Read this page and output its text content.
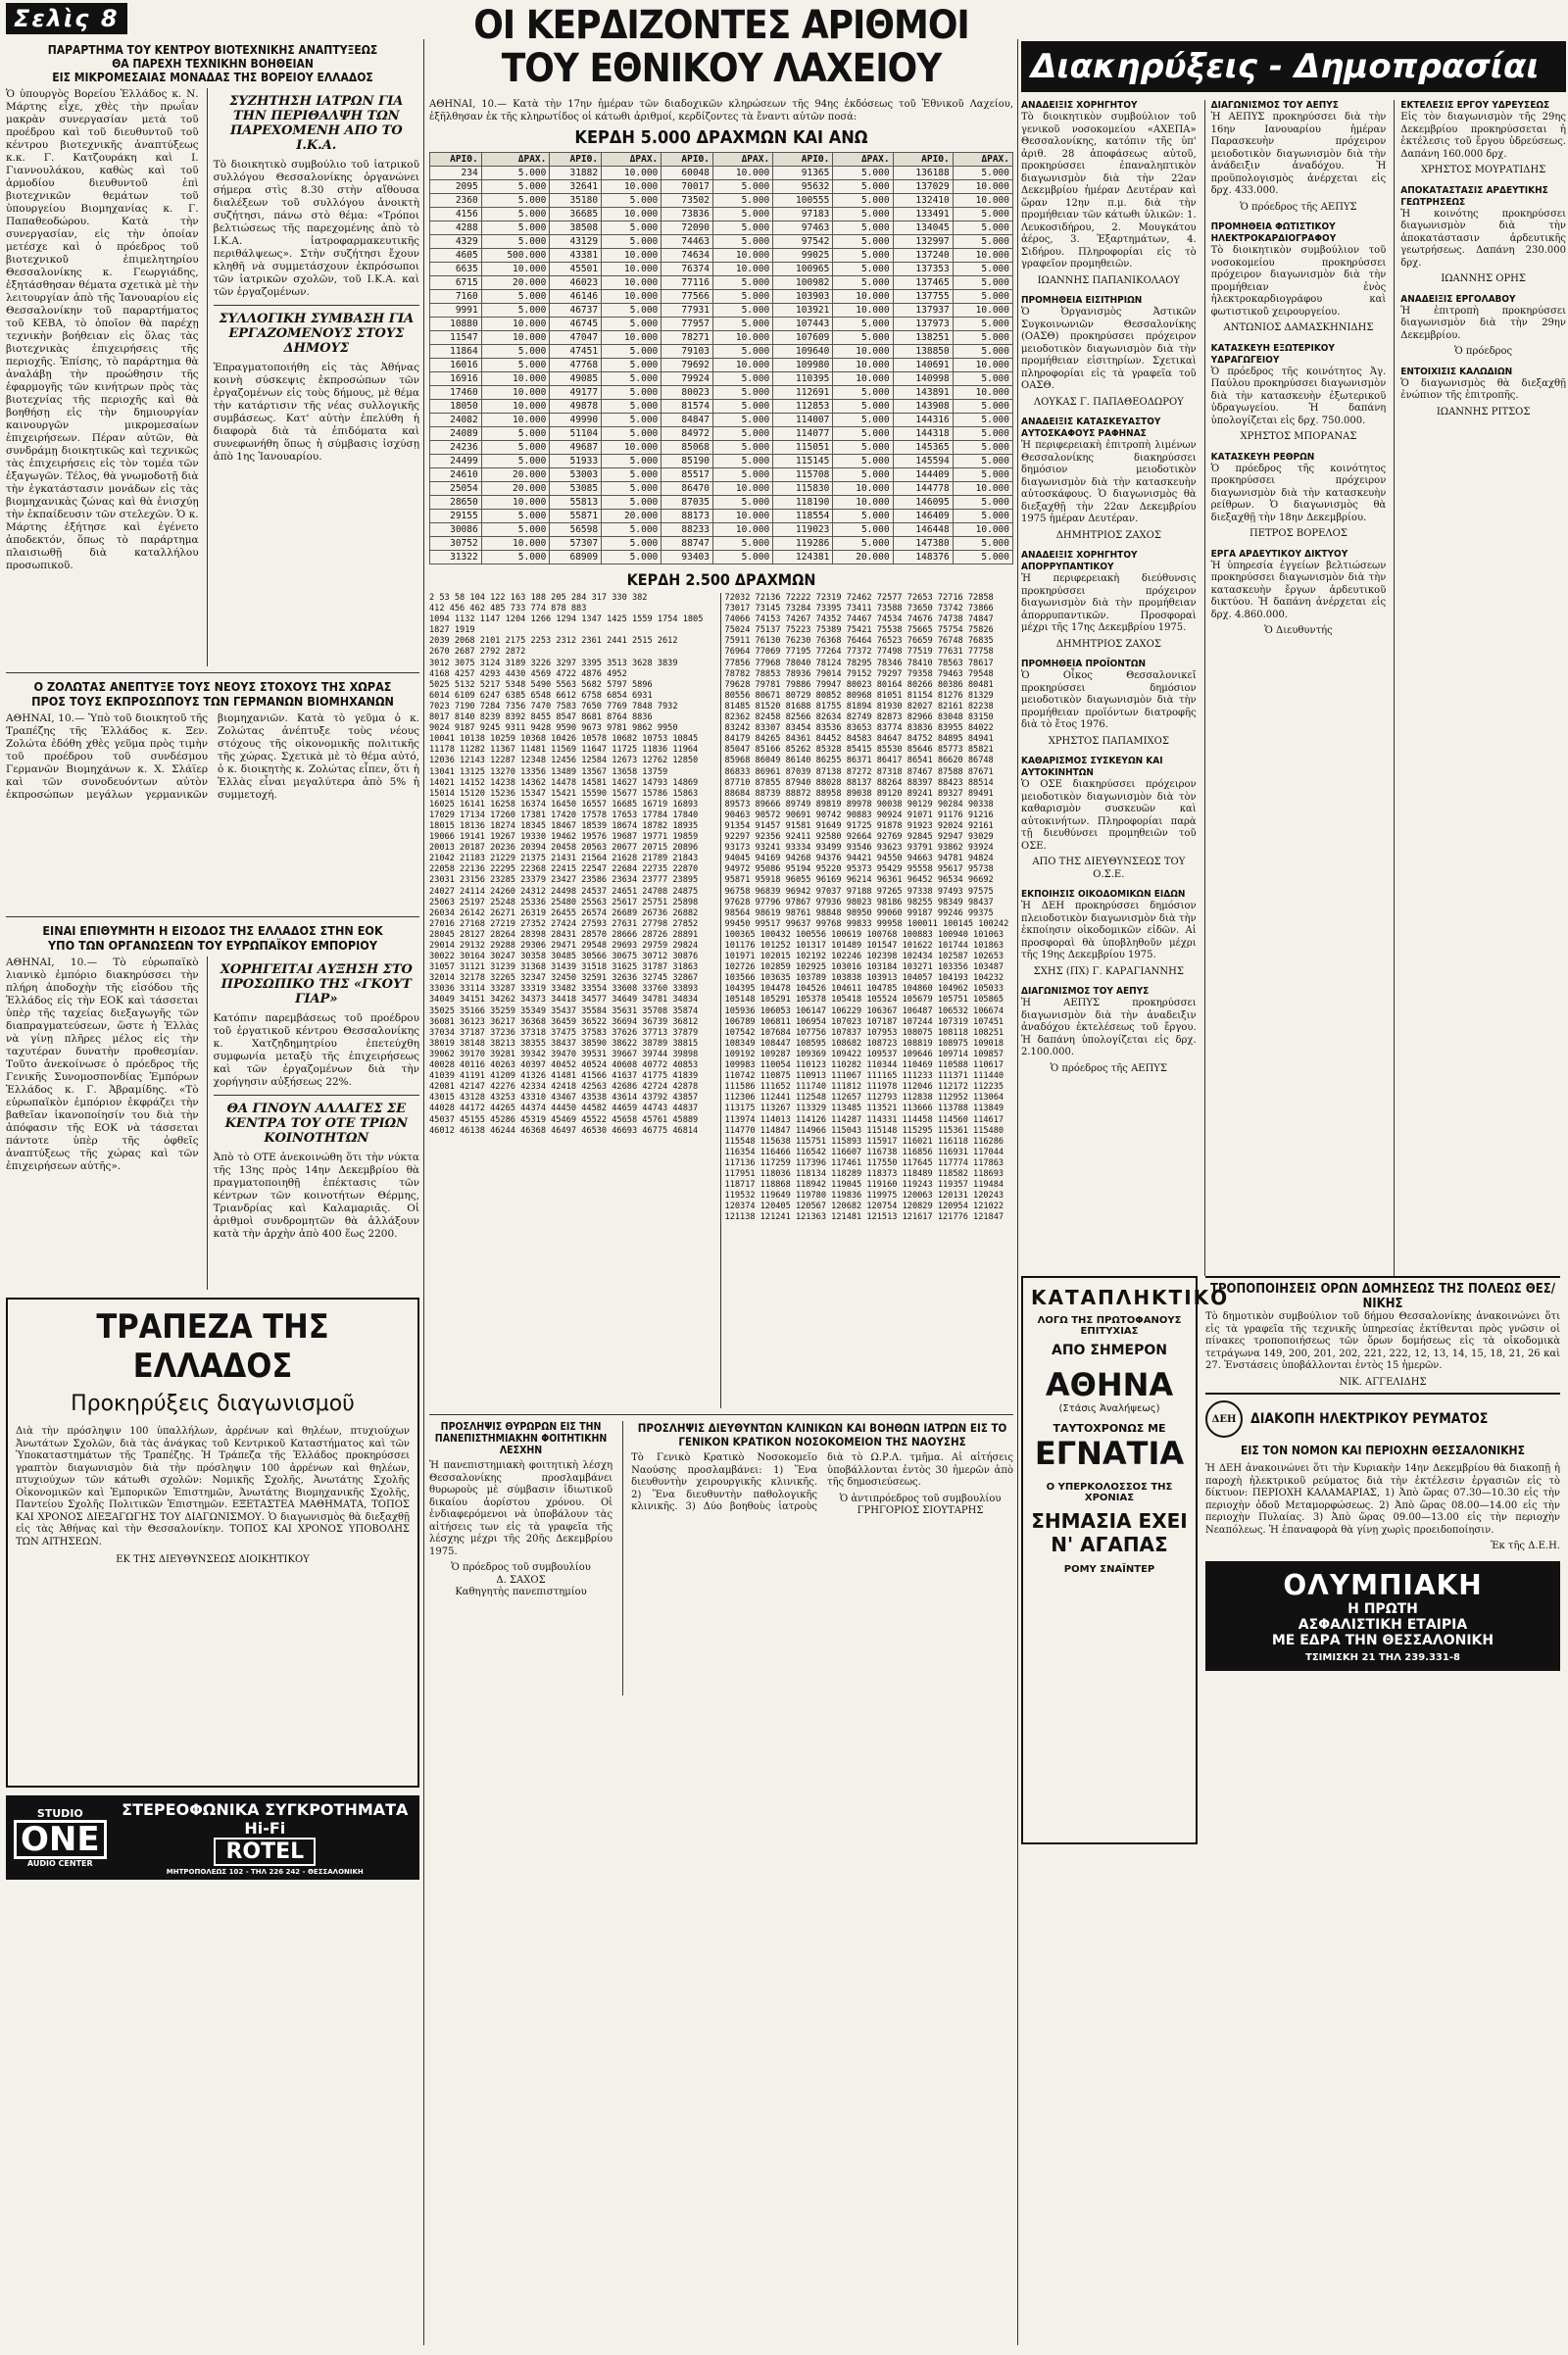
Σελὶς 8
ΠΑΡΑΡΤΗΜΑ ΤΟΥ ΚΕΝΤΡΟΥ ΒΙΟΤΕΧΝΙΚΗΣ ΑΝΑΠΤΥΞΕΩΣ
ΘΑ ΠΑΡΕΧΗ ΤΕΧΝΙΚΗΝ ΒΟΗΘΕΙΑΝ
ΕΙΣ ΜΙΚΡΟΜΕΣΑΙΑΣ ΜΟΝΑΔΑΣ ΤΗΣ ΒΟΡΕΙΟΥ ΕΛΛΑΔΟΣ

Ὁ ὑπουργὸς Βορείου Ἑλλάδος κ. Ν. Μάρτης εἶχε, χθὲς τὴν πρωΐαν μακρὰν συνεργασίαν μετὰ τοῦ προέδρου καὶ τοῦ διευθυντοῦ τοῦ κέντρου βιοτεχνικῆς ἀναπτύξεως κ.κ. Γ. Κατζουράκη καὶ Ι. Γιαννουλάκου, καθὼς καὶ τοῦ ἀρμοδίου διευθυντοῦ ἐπὶ βιοτεχνικῶν θεμάτων τοῦ ὑπουργείου Βιομηχανίας κ. Γ. Παπαθεοδώρου. Κατὰ τὴν συνεργασίαν, εἰς τὴν ὁποίαν μετέσχε καὶ ὁ πρόεδρος τοῦ βιοτεχνικοῦ ἐπιμελητηρίου Θεσσαλονίκης κ. Γεωργιάδης, ἐξητάσθησαν θέματα σχετικὰ μὲ τὴν λειτουργίαν ἀπὸ τῆς Ἰανουαρίου εἰς Θεσσαλονίκην τοῦ παραρτήματος τοῦ ΚΕΒΑ, τὸ ὁποῖον θὰ παρέχῃ τεχνικὴν βοήθειαν εἰς ὅλας τὰς βιοτεχνικὰς ἐπιχειρήσεις τῆς περιοχῆς. Ἐπίσης, τὸ παράρτημα θὰ ἀναλάβῃ τὴν προώθησιν τῆς ἐφαρμογῆς τῶν κινήτρων πρὸς τὰς βιοτεχνίας τῆς περιοχῆς καὶ θὰ βοηθήσῃ εἰς τὴν δημιουργίαν καινουργῶν μικρομεσαίων ἐπιχειρήσεων. Πέραν αὐτῶν, θὰ συνδράμῃ διοικητικῶς καὶ τεχνικῶς τὰς ἐπιχειρήσεις εἰς τὸν τομέα τῶν ἐξαγωγῶν. Τέλος, θὰ γνωμοδοτῇ διὰ τὴν ἐγκατάστασιν μονάδων εἰς τὰς βιομηχανικὰς ζώνας καὶ θὰ ἐνισχύῃ τὴν ἐκπαίδευσιν τῶν στελεχῶν. Ὁ κ. Μάρτης ἐξήτησε καὶ ἐγένετο ἀποδεκτόν, ὅπως τὸ παράρτημα πλαισιωθῇ διὰ καταλλήλου προσωπικοῦ.

ΣΥΖΗΤΗΣΗ ΙΑΤΡΩΝ ΓΙΑ ΤΗΝ ΠΕΡΙΘΑΛΨΗ ΤΩΝ ΠΑΡΕΧΟΜΕΝΗ ΑΠΟ ΤΟ Ι.Κ.Α.

Τὸ διοικητικὸ συμβούλιο τοῦ ἰατρικοῦ συλλόγου Θεσσαλονίκης ὀργανώνει σήμερα στὶς 8.30 στὴν αἴθουσα διαλέξεων τοῦ συλλόγου ἀνοικτὴ συζήτησι, πάνω στὸ θέμα: «Τρόποι βελτιώσεως τῆς παρεχομένης ἀπὸ τὸ Ι.Κ.Α. ἰατροφαρμακευτικῆς περιθάλψεως». Στὴν συζήτησι ἔχουν κληθῆ νὰ συμμετάσχουν ἐκπρόσωποι τῶν ἰατρικῶν σχολῶν, τοῦ Ι.Κ.Α. καὶ τῶν ἐργαζομένων.

ΣΥΛΛΟΓΙΚΗ ΣΥΜΒΑΣΗ ΓΙΑ ΕΡΓΑΖΟΜΕΝΟΥΣ ΣΤΟΥΣ ΔΗΜΟΥΣ

Ἐπραγματοποιήθη εἰς τὰς Ἀθήνας κοινὴ σύσκεψις ἐκπροσώπων τῶν ἐργαζομένων εἰς τοὺς δήμους, μὲ θέμα τὴν κατάρτισιν τῆς νέας συλλογικῆς συμβάσεως. Κατ' αὐτὴν ἐπελύθη ἡ διαφορὰ διὰ τὰ ἐπιδόματα καὶ συνεφωνήθη ὅπως ἡ σύμβασις ἰσχύσῃ ἀπὸ 1ης Ἰανουαρίου.

Ο ΖΟΛΩΤΑΣ ΑΝΕΠΤΥΞΕ ΤΟΥΣ ΝΕΟΥΣ ΣΤΟΧΟΥΣ ΤΗΣ ΧΩΡΑΣ
ΠΡΟΣ ΤΟΥΣ ΕΚΠΡΟΣΩΠΟΥΣ ΤΩΝ ΓΕΡΜΑΝΩΝ ΒΙΟΜΗΧΑΝΩΝ

ΑΘΗΝΑΙ, 10.— Ὑπὸ τοῦ διοικητοῦ τῆς Τραπέζης τῆς Ἑλλάδος κ. Ξεν. Ζολώτα ἐδόθη χθὲς γεῦμα πρὸς τιμὴν τοῦ προέδρου τοῦ συνδέσμου Γερμανῶν Βιομηχάνων κ. Χ. Σλάϊερ καὶ τῶν συνοδευόντων αὐτὸν ἐκπροσώπων μεγάλων γερμανικῶν βιομηχανιῶν. Κατὰ τὸ γεῦμα ὁ κ. Ζολώτας ἀνέπτυξε τοὺς νέους στόχους τῆς οἰκονομικῆς πολιτικῆς τῆς χώρας. Σχετικὰ μὲ τὸ θέμα αὐτό, ὁ κ. διοικητὴς κ. Ζολώτας εἶπεν, ὅτι ἡ Ἑλλὰς εἶναι μεγαλύτερα ἀπὸ 5% ἡ συμμετοχή.

ΕΙΝΑΙ ΕΠΙΘΥΜΗΤΗ Η ΕΙΣΟΔΟΣ ΤΗΣ ΕΛΛΑΔΟΣ ΣΤΗΝ ΕΟΚ
ΥΠΟ ΤΩΝ ΟΡΓΑΝΩΣΕΩΝ ΤΟΥ ΕΥΡΩΠΑΪΚΟΥ ΕΜΠΟΡΙΟΥ

ΑΘΗΝΑΙ, 10.— Τὸ εὐρωπαϊκὸ λιανικὸ ἐμπόριο διακηρύσσει τὴν πλήρη ἀποδοχὴν τῆς εἰσόδου τῆς Ἑλλάδος εἰς τὴν ΕΟΚ καὶ τάσσεται ὑπὲρ τῆς ταχείας διεξαγωγῆς τῶν διαπραγματεύσεων, ὥστε ἡ Ἑλλὰς νὰ γίνῃ πλῆρες μέλος εἰς τὴν ταχυτέραν δυνατὴν προθεσμίαν. Τοῦτο ἀνεκοίνωσε ὁ πρόεδρος τῆς Γενικῆς Συνομοσπονδίας Ἐμπόρων Ἑλλάδος κ. Γ. Ἀβραμίδης. «Τὸ εὐρωπαϊκὸν ἐμπόριον ἐκφράζει τὴν βαθεῖαν ἱκανοποίησίν του διὰ τὴν ἀπόφασιν τῆς ΕΟΚ νὰ τάσσεται πάντοτε ὑπὲρ τῆς ὀφθεῖς ἀναπτύξεως τῆς χώρας καὶ τῶν ἐπιχειρήσεων αὐτῆς».

ΧΟΡΗΓΕΙΤΑΙ ΑΥΞΗΣΗ ΣΤΟ ΠΡΟΣΩΠΙΚΟ ΤΗΣ «ΓΚΟΥΤ ΓΙΑΡ»

Κατόπιν παρεμβάσεως τοῦ προέδρου τοῦ ἐργατικοῦ κέντρου Θεσσαλονίκης κ. Χατζηδημητρίου ἐπετεύχθη συμφωνία μεταξὺ τῆς ἐπιχειρήσεως καὶ τῶν ἐργαζομένων διὰ τὴν χορήγησιν αὐξήσεως 22%.

ΘΑ ΓΙΝΟΥΝ ΑΛΛΑΓΕΣ ΣΕ ΚΕΝΤΡΑ ΤΟΥ ΟΤΕ ΤΡΙΩΝ ΚΟΙΝΟΤΗΤΩΝ

Ἀπὸ τὸ ΟΤΕ ἀνεκοινώθη ὅτι τὴν νύκτα τῆς 13ης πρὸς 14ην Δεκεμβρίου θὰ πραγματοποιηθῇ ἐπέκτασις τῶν κέντρων τῶν κοινοτήτων Θέρμης, Τριανδρίας καὶ Καλαμαριᾶς. Οἱ ἀριθμοὶ συνδρομητῶν θὰ ἀλλάξουν κατὰ τὴν ἀρχὴν ἀπὸ 400 ἕως 2200.

ΤΡΑΠΕΖΑ ΤΗΣ ΕΛΛΑΔΟΣ
Προκηρύξεις διαγωνισμοῦ

Διὰ τὴν πρόσληψιν 100 ὑπαλλήλων, ἀρρένων καὶ θηλέων, πτυχιούχων Ἀνωτάτων Σχολῶν, διὰ τὰς ἀνάγκας τοῦ Κεντρικοῦ Καταστήματος καὶ τῶν Ὑποκαταστημάτων τῆς Τραπέζης. Ἡ Τράπεζα τῆς Ἑλλάδος προκηρύσσει γραπτὸν διαγωνισμὸν διὰ τὴν πρόσληψιν 100 ἀρρένων καὶ θηλέων, πτυχιούχων τῶν κάτωθι σχολῶν: Νομικῆς Σχολῆς, Ἀνωτάτης Σχολῆς Οἰκονομικῶν καὶ Ἐμπορικῶν Ἐπιστημῶν, Ἀνωτάτης Βιομηχανικῆς Σχολῆς, Παντείου Σχολῆς Πολιτικῶν Ἐπιστημῶν. ΕΞΕΤΑΣΤΕΑ ΜΑΘΗΜΑΤΑ, ΤΟΠΟΣ ΚΑΙ ΧΡΟΝΟΣ ΔΙΕΞΑΓΩΓΗΣ ΤΟΥ ΔΙΑΓΩΝΙΣΜΟΥ. Ὁ διαγωνισμὸς θὰ διεξαχθῇ εἰς τὰς Ἀθήνας καὶ τὴν Θεσσαλονίκην. ΤΟΠΟΣ ΚΑΙ ΧΡΟΝΟΣ ΥΠΟΒΟΛΗΣ ΤΩΝ ΑΙΤΗΣΕΩΝ.

ΕΚ ΤΗΣ ΔΙΕΥΘΥΝΣΕΩΣ ΔΙΟΙΚΗΤΙΚΟΥ
STUDIO
ONE
AUDIO CENTER
ΣΤΕΡΕΟΦΩΝΙΚΑ ΣΥΓΚΡΟΤΗΜΑΤΑ
Hi-Fi
ROTEL
ΜΗΤΡΟΠΟΛΕΩΣ 102 - ΤΗΛ 226 242 - ΘΕΣΣΑΛΟΝΙΚΗ
ΟΙ ΚΕΡΔΙΖΟΝΤΕΣ ΑΡΙΘΜΟΙ
ΤΟΥ ΕΘΝΙΚΟΥ ΛΑΧΕΙΟΥ

ΑΘΗΝΑΙ, 10.— Κατὰ τὴν 17ην ἡμέραν τῶν διαδοχικῶν κληρώσεων τῆς 94ης ἐκδόσεως τοῦ Ἐθνικοῦ Λαχείου, ἐξῆλθησαν ἐκ τῆς κληρωτίδος οἱ κάτωθι ἀριθμοί, κερδίζοντες τὰ ἔναντι αὐτῶν ποσά:

ΚΕΡΔΗ 5.000 ΔΡΑΧΜΩΝ ΚΑΙ ΑΝΩ
ΑΡΙΘ.	ΔΡΑΧ.	ΑΡΙΘ.	ΔΡΑΧ.	ΑΡΙΘ.	ΔΡΑΧ.	ΑΡΙΘ.	ΔΡΑΧ.	ΑΡΙΘ.	ΔΡΑΧ.
234	5.000	31882	10.000	60048	10.000	91365	5.000	136188	5.000
2095	5.000	32641	10.000	70017	5.000	95632	5.000	137029	10.000
2360	5.000	35180	5.000	73502	5.000	100555	5.000	132410	10.000
4156	5.000	36685	10.000	73836	5.000	97183	5.000	133491	5.000
4288	5.000	38508	5.000	72090	5.000	97463	5.000	134045	5.000
4329	5.000	43129	5.000	74463	5.000	97542	5.000	132997	5.000
4605	500.000	43381	10.000	74634	10.000	99025	5.000	137240	10.000
6635	10.000	45501	10.000	76374	10.000	100965	5.000	137353	5.000
6715	20.000	46023	10.000	77116	5.000	100982	5.000	137465	5.000
7160	5.000	46146	10.000	77566	5.000	103903	10.000	137755	5.000
9991	5.000	46737	5.000	77931	5.000	103921	10.000	137937	10.000
10880	10.000	46745	5.000	77957	5.000	107443	5.000	137973	5.000
11547	10.000	47047	10.000	78271	10.000	107609	5.000	138251	5.000
11864	5.000	47451	5.000	79103	5.000	109640	10.000	138850	5.000
16016	5.000	47768	5.000	79692	10.000	109980	10.000	140691	10.000
16916	10.000	49085	5.000	79924	5.000	110395	10.000	140998	5.000
17460	10.000	49177	5.000	80023	5.000	112691	5.000	143891	10.000
18050	10.000	49878	5.000	81574	5.000	112853	5.000	143908	5.000
24082	10.000	49990	5.000	84847	5.000	114007	5.000	144316	5.000
24089	5.000	51104	5.000	84972	5.000	114077	5.000	144318	5.000
24236	5.000	49687	10.000	85068	5.000	115051	5.000	145365	5.000
24499	5.000	51933	5.000	85190	5.000	115145	5.000	145594	5.000
24610	20.000	53003	5.000	85517	5.000	115708	5.000	144409	5.000
25054	20.000	53085	5.000	86470	10.000	115830	10.000	144778	10.000
28650	10.000	55813	5.000	87035	5.000	118190	10.000	146095	5.000
29155	5.000	55871	20.000	88173	10.000	118554	5.000	146409	5.000
30086	5.000	56598	5.000	88233	10.000	119023	5.000	146448	10.000
30752	10.000	57307	5.000	88747	5.000	119286	5.000	147380	5.000
31322	5.000	68909	5.000	93403	5.000	124381	20.000	148376	5.000
ΚΕΡΔΗ 2.500 ΔΡΑΧΜΩΝ
2 53 58 104 122 163 188 205 284 317 330 382
412 456 462 485 733 774 878 883
1094 1132 1147 1204 1266 1294 1347 1425 1559 1754 1805 1827 1919
2039 2068 2101 2175 2253 2312 2361 2441 2515 2612
2670 2687 2792 2872
3012 3075 3124 3189 3226 3297 3395 3513 3628 3839
4168 4257 4293 4430 4569 4722 4876 4952
5025 5132 5217 5348 5490 5563 5682 5797 5896
6014 6109 6247 6385 6548 6612 6758 6854 6931
7023 7190 7284 7356 7470 7583 7650 7769 7848 7932
8017 8140 8239 8392 8455 8547 8681 8764 8836
9024 9187 9245 9311 9428 9590 9673 9781 9862 9950
10041 10138 10259 10368 10426 10578 10682 10753 10845
11178 11282 11367 11481 11569 11647 11725 11836 11964
12036 12143 12287 12348 12456 12584 12673 12762 12850
13041 13125 13270 13356 13489 13567 13658 13759
14021 14152 14238 14362 14478 14581 14627 14793 14869
15014 15120 15236 15347 15421 15590 15677 15786 15863
16025 16141 16258 16374 16450 16557 16685 16719 16893
17029 17134 17260 17381 17420 17578 17653 17784 17840
18015 18136 18274 18345 18467 18539 18674 18782 18935
19066 19141 19267 19330 19462 19576 19687 19771 19859
20013 20187 20236 20394 20458 20563 20677 20715 20896
21042 21183 21229 21375 21431 21564 21628 21789 21843
22058 22136 22295 22368 22415 22547 22684 22735 22870
23031 23156 23285 23379 23427 23586 23634 23777 23895
24027 24114 24260 24312 24498 24537 24651 24708 24875
25063 25197 25248 25336 25480 25563 25617 25751 25898
26034 26142 26271 26319 26455 26574 26689 26736 26882
27016 27168 27219 27352 27424 27593 27631 27798 27852
28045 28127 28264 28398 28431 28570 28666 28726 28891
29014 29132 29288 29306 29471 29548 29693 29759 29824
30022 30164 30247 30358 30485 30566 30675 30712 30876
31057 31121 31239 31368 31439 31518 31625 31787 31863
32014 32178 32265 32347 32450 32591 32636 32745 32867
33036 33114 33287 33319 33482 33554 33608 33760 33893
34049 34151 34262 34373 34418 34577 34649 34781 34834
35025 35166 35259 35349 35437 35584 35631 35708 35874
36081 36123 36217 36368 36459 36522 36694 36739 36812
37034 37187 37236 37318 37475 37583 37626 37713 37879
38019 38148 38213 38355 38437 38590 38622 38789 38815
39062 39170 39281 39342 39470 39531 39667 39744 39898
40028 40116 40263 40397 40452 40524 40608 40772 40853
41039 41191 41209 41326 41481 41566 41637 41775 41839
42081 42147 42276 42334 42418 42563 42686 42724 42878
43015 43128 43253 43310 43467 43538 43614 43792 43857
44028 44172 44265 44374 44450 44582 44659 44743 44837
45037 45155 45286 45319 45469 45522 45658 45761 45889
46012 46138 46244 46368 46497 46530 46693 46775 46814
72032 72136 72222 72319 72462 72577 72653 72716 72858
73017 73145 73284 73395 73411 73588 73650 73742 73866
74066 74153 74267 74352 74467 74534 74676 74738 74847
75024 75137 75223 75389 75421 75538 75665 75754 75826
75911 76130 76230 76368 76464 76523 76659 76748 76835
76964 77069 77195 77264 77372 77498 77519 77631 77758
77856 77968 78040 78124 78295 78346 78410 78563 78617
78782 78853 78936 79014 79152 79297 79358 79463 79548
79628 79781 79886 79947 80023 80164 80266 80386 80481
80556 80671 80729 80852 80968 81051 81154 81276 81329
81485 81520 81688 81755 81894 81930 82027 82161 82238
82362 82458 82566 82634 82749 82873 82966 83048 83150
83242 83307 83454 83536 83653 83774 83836 83955 84022
84179 84265 84361 84452 84583 84647 84752 84895 84941
85047 85166 85262 85328 85415 85530 85646 85773 85821
85968 86049 86140 86255 86371 86417 86541 86620 86748
86833 86961 87039 87138 87272 87318 87467 87588 87671
87710 87855 87940 88028 88137 88264 88397 88423 88514
88684 88739 88872 88958 89038 89120 89241 89327 89491
89573 89666 89749 89819 89978 90038 90129 90284 90338
90463 90572 90691 90742 90883 90924 91071 91176 91216
91354 91457 91581 91649 91725 91878 91923 92024 92161
92297 92356 92411 92580 92664 92769 92845 92947 93029
93173 93241 93334 93499 93546 93623 93791 93862 93924
94045 94169 94268 94376 94421 94550 94663 94781 94824
94972 95086 95194 95220 95373 95429 95558 95617 95738
95871 95918 96055 96169 96214 96361 96452 96534 96692
96758 96839 96942 97037 97188 97265 97338 97493 97575
97628 97796 97867 97936 98023 98186 98255 98349 98437
98564 98619 98761 98848 98950 99060 99187 99246 99375
99450 99517 99637 99768 99833 99958 100011 100145 100242
100365 100432 100556 100619 100768 100883 100940 101063
101176 101252 101317 101489 101547 101622 101744 101863
101971 102015 102192 102246 102398 102434 102587 102653
102726 102859 102925 103016 103184 103271 103356 103487
103566 103635 103789 103838 103913 104057 104193 104232
104395 104478 104526 104611 104785 104860 104962 105033
105148 105291 105378 105418 105524 105679 105751 105865
105936 106053 106147 106229 106367 106487 106532 106674
106789 106811 106954 107023 107187 107244 107319 107451
107542 107684 107756 107837 107953 108075 108118 108251
108349 108447 108595 108682 108723 108819 108975 109018
109192 109287 109369 109422 109537 109646 109714 109857
109983 110054 110123 110282 110344 110469 110588 110617
110742 110875 110913 111067 111165 111233 111371 111440
111586 111652 111740 111812 111978 112046 112172 112235
112306 112441 112548 112657 112793 112838 112952 113064
113175 113267 113329 113485 113521 113666 113788 113849
113974 114013 114126 114287 114331 114458 114560 114617
114770 114847 114966 115043 115148 115295 115361 115480
115548 115638 115751 115893 115917 116021 116118 116286
116354 116466 116542 116607 116738 116856 116931 117044
117136 117259 117396 117461 117550 117645 117774 117863
117951 118036 118134 118289 118373 118489 118582 118693
118717 118868 118942 119045 119160 119243 119357 119484
119532 119649 119780 119836 119975 120063 120131 120243
120374 120405 120567 120682 120754 120829 120954 121022
121138 121241 121363 121481 121513 121617 121776 121847
ΠΡΟΣΛΗΨΙΣ ΘΥΡΩΡΩΝ ΕΙΣ ΤΗΝ ΠΑΝΕΠΙΣΤΗΜΙΑΚΗΝ ΦΟΙΤΗΤΙΚΗΝ ΛΕΣΧΗΝ

Ἡ πανεπιστημιακὴ φοιτητικὴ λέσχη Θεσσαλονίκης προσλαμβάνει θυρωροὺς μὲ σύμβασιν ἰδιωτικοῦ δικαίου ἀορίστου χρόνου. Οἱ ἐνδιαφερόμενοι νὰ ὑποβάλουν τὰς αἰτήσεις των εἰς τὰ γραφεῖα τῆς λέσχης μέχρι τῆς 20ῆς Δεκεμβρίου 1975.

Ὁ πρόεδρος τοῦ συμβουλίου
Δ. ΣΑΧΟΣ
Καθηγητὴς πανεπιστημίου
ΠΡΟΣΛΗΨΙΣ ΔΙΕΥΘΥΝΤΩΝ ΚΛΙΝΙΚΩΝ ΚΑΙ ΒΟΗΘΩΝ ΙΑΤΡΩΝ ΕΙΣ ΤΟ ΓΕΝΙΚΟΝ ΚΡΑΤΙΚΟΝ ΝΟΣΟΚΟΜΕΙΟΝ ΤΗΣ ΝΑΟΥΣΗΣ

Τὸ Γενικὸ Κρατικὸ Νοσοκομεῖο Ναούσης προσλαμβάνει: 1) Ἕνα διευθυντὴν χειρουργικῆς κλινικῆς. 2) Ἕνα διευθυντὴν παθολογικῆς κλινικῆς. 3) Δύο βοηθοὺς ἰατροὺς διὰ τὸ Ω.Ρ.Λ. τμῆμα. Αἱ αἰτήσεις ὑποβάλλονται ἐντὸς 30 ἡμερῶν ἀπὸ τῆς δημοσιεύσεως.

Ὁ ἀντιπρόεδρος τοῦ συμβουλίου
ΓΡΗΓΟΡΙΟΣ ΣΙΟΥΤΑΡΗΣ
Διακηρύξεις - Δημοπρασίαι
ΑΝΑΔΕΙΞΙΣ ΧΟΡΗΓΗΤΟΥ

Τὸ διοικητικὸν συμβούλιον τοῦ γενικοῦ νοσοκομείου «ΑΧΕΠΑ» Θεσσαλονίκης, κατόπιν τῆς ὑπ' ἀριθ. 28 ἀποφάσεως αὐτοῦ, προκηρύσσει ἐπαναληπτικὸν διαγωνισμὸν διὰ τὴν 22αν Δεκεμβρίου ἡμέραν Δευτέραν καὶ ὥραν 12ην π.μ. διὰ τὴν προμήθειαν τῶν κάτωθι ὑλικῶν: 1. Λευκοσιδήρου, 2. Μουγκάτου ἀέρος, 3. Ἐξαρτημάτων, 4. Σιδήρου. Πληροφορίαι εἰς τὸ γραφεῖον προμηθειῶν.

ΙΩΑΝΝΗΣ ΠΑΠΑΝΙΚΟΛΑΟΥ
ΠΡΟΜΗΘΕΙΑ ΕΙΣΙΤΗΡΙΩΝ

Ὁ Ὀργανισμὸς Ἀστικῶν Συγκοινωνιῶν Θεσσαλονίκης (ΟΑΣΘ) προκηρύσσει πρόχειρον μειοδοτικὸν διαγωνισμὸν διὰ τὴν προμήθειαν εἰσιτηρίων. Σχετικαὶ πληροφορίαι εἰς τὰ γραφεῖα τοῦ ΟΑΣΘ.

ΛΟΥΚΑΣ Γ. ΠΑΠΑΘΕΟΔΩΡΟΥ
ΑΝΑΔΕΙΞΙΣ ΚΑΤΑΣΚΕΥΑΣΤΟΥ ΑΥΤΟΣΚΑΦΟΥΣ ΡΑΦΗΝΑΣ

Ἡ περιφερειακὴ ἐπιτροπὴ λιμένων Θεσσαλονίκης διακηρύσσει δημόσιον μειοδοτικὸν διαγωνισμὸν διὰ τὴν κατασκευὴν αὐτοσκάφους. Ὁ διαγωνισμὸς θὰ διεξαχθῇ τὴν 22αν Δεκεμβρίου 1975 ἡμέραν Δευτέραν.

ΔΗΜΗΤΡΙΟΣ ΖΑΧΟΣ
ΑΝΑΔΕΙΞΙΣ ΧΟΡΗΓΗΤΟΥ ΑΠΟΡΡΥΠΑΝΤΙΚΟΥ

Ἡ περιφερειακὴ διεύθυνσις προκηρύσσει πρόχειρον διαγωνισμὸν διὰ τὴν προμήθειαν ἀπορρυπαντικῶν. Προσφοραὶ μέχρι τῆς 17ης Δεκεμβρίου 1975.

ΔΗΜΗΤΡΙΟΣ ΖΑΧΟΣ
ΠΡΟΜΗΘΕΙΑ ΠΡΟΪΟΝΤΩΝ

Ὁ Οἶκος Θεσσαλονικεῖ προκηρύσσει δημόσιον μειοδοτικὸν διαγωνισμὸν διὰ τὴν προμήθειαν προϊόντων διατροφῆς διὰ τὸ ἔτος 1976.

ΧΡΗΣΤΟΣ ΠΑΠΑΜΙΧΟΣ
ΚΑΘΑΡΙΣΜΟΣ ΣΥΣΚΕΥΩΝ ΚΑΙ ΑΥΤΟΚΙΝΗΤΩΝ

Ὁ ΟΣΕ διακηρύσσει πρόχειρον μειοδοτικὸν διαγωνισμὸν διὰ τὸν καθαρισμὸν συσκευῶν καὶ αὐτοκινήτων. Πληροφορίαι παρὰ τῇ διευθύνσει προμηθειῶν τοῦ ΟΣΕ.

ΑΠΟ ΤΗΣ ΔΙΕΥΘΥΝΣΕΩΣ ΤΟΥ Ο.Σ.Ε.
ΕΚΠΟΙΗΣΙΣ ΟΙΚΟΔΟΜΙΚΩΝ ΕΙΔΩΝ

Ἡ ΔΕΗ προκηρύσσει δημόσιον πλειοδοτικὸν διαγωνισμὸν διὰ τὴν ἐκποίησιν οἰκοδομικῶν εἰδῶν. Αἱ προσφοραὶ θὰ ὑποβληθοῦν μέχρι τῆς 19ης Δεκεμβρίου 1975.

ΣΧΗΣ (ΠΧ) Γ. ΚΑΡΑΓΙΑΝΝΗΣ
ΔΙΑΓΩΝΙΣΜΟΣ ΤΟΥ ΑΕΠΥΣ

Ἡ ΑΕΠΥΣ προκηρύσσει διαγωνισμὸν διὰ τὴν ἀναδειξιν ἀναδόχου ἐκτελέσεως τοῦ ἔργου. Ἡ δαπάνη ὑπολογίζεται εἰς δρχ. 2.100.000.

Ὁ πρόεδρος τῆς ΑΕΠΥΣ
ΔΙΑΓΩΝΙΣΜΟΣ ΤΟΥ ΑΕΠΥΣ

Ἡ ΑΕΠΥΣ προκηρύσσει διὰ τὴν 16ην Ιανουαρίου ἡμέραν Παρασκευὴν πρόχειρον μειοδοτικὸν διαγωνισμὸν διὰ τὴν ἀνάδειξιν ἀναδόχου. Ἡ προϋπολογισμὸς ἀνέρχεται εἰς δρχ. 433.000.

Ὁ πρόεδρος τῆς ΑΕΠΥΣ
ΠΡΟΜΗΘΕΙΑ ΦΩΤΙΣΤΙΚΟΥ ΗΛΕΚΤΡΟΚΑΡΔΙΟΓΡΑΦΟΥ

Τὸ διοικητικὸν συμβούλιον τοῦ νοσοκομείου προκηρύσσει πρόχειρον διαγωνισμὸν διὰ τὴν προμήθειαν ἑνὸς ἠλεκτροκαρδιογράφου καὶ φωτιστικοῦ χειρουργείου.

ΑΝΤΩΝΙΟΣ ΔΑΜΑΣΚΗΝΙΔΗΣ
ΚΑΤΑΣΚΕΥΗ ΕΞΩΤΕΡΙΚΟΥ ΥΔΡΑΓΩΓΕΙΟΥ

Ὁ πρόεδρος τῆς κοινότητος Ἀγ. Παύλου προκηρύσσει διαγωνισμὸν διὰ τὴν κατασκευὴν ἐξωτερικοῦ ὑδραγωγείου. Ἡ δαπάνη ὑπολογίζεται εἰς δρχ. 750.000.

ΧΡΗΣΤΟΣ ΜΠΟΡΑΝΑΣ
ΚΑΤΑΣΚΕΥΗ ΡΕΘΡΩΝ

Ὁ πρόεδρος τῆς κοινότητος προκηρύσσει πρόχειρον διαγωνισμὸν διὰ τὴν κατασκευὴν ρείθρων. Ὁ διαγωνισμὸς θὰ διεξαχθῇ τὴν 18ην Δεκεμβρίου.

ΠΕΤΡΟΣ ΒΟΡΕΛΟΣ
ΕΡΓΑ ΑΡΔΕΥΤΙΚΟΥ ΔΙΚΤΥΟΥ

Ἡ ὑπηρεσία ἐγγείων βελτιώσεων προκηρύσσει διαγωνισμὸν διὰ τὴν κατασκευὴν ἔργων ἀρδευτικοῦ δικτύου. Ἡ δαπάνη ἀνέρχεται εἰς δρχ. 4.860.000.

Ὁ Διευθυντής
ΕΚΤΕΛΕΣΙΣ ΕΡΓΟΥ ΥΔΡΕΥΣΕΩΣ

Εἰς τὸν διαγωνισμὸν τῆς 29ης Δεκεμβρίου προκηρύσσεται ἡ ἐκτέλεσις τοῦ ἔργου ὑδρεύσεως. Δαπάνη 160.000 δρχ.

ΧΡΗΣΤΟΣ ΜΟΥΡΑΤΙΔΗΣ
ΑΠΟΚΑΤΑΣΤΑΣΙΣ ΑΡΔΕΥΤΙΚΗΣ ΓΕΩΤΡΗΣΕΩΣ

Ἡ κοινότης προκηρύσσει διαγωνισμὸν διὰ τὴν ἀποκατάστασιν ἀρδευτικῆς γεωτρήσεως. Δαπάνη 230.000 δρχ.

ΙΩΑΝΝΗΣ ΟΡΗΣ
ΑΝΑΔΕΙΞΙΣ ΕΡΓΟΛΑΒΟΥ

Ἡ ἐπιτροπὴ προκηρύσσει διαγωνισμὸν διὰ τὴν 29ην Δεκεμβρίου.

Ὁ πρόεδρος
ΕΝΤΟΙΧΙΣΙΣ ΚΑΛΩΔΙΩΝ

Ὁ διαγωνισμὸς θὰ διεξαχθῇ ἐνώπιον τῆς ἐπιτροπῆς.

ΙΩΑΝΝΗΣ ΡΙΤΣΟΣ
ΚΑΤΑΠΛΗΚΤΙΚΟ
ΛΟΓΩ ΤΗΣ ΠΡΩΤΟΦΑΝΟΥΣ ΕΠΙΤΥΧΙΑΣ
ΑΠΟ ΣΗΜΕΡΟΝ
ΑΘΗΝΑ
(Στάσις Ἀναλήψεως)
ΤΑΥΤΟΧΡΟΝΩΣ ΜΕ
ΕΓΝΑΤΙΑ
Ο ΥΠΕΡΚΟΛΟΣΣΟΣ ΤΗΣ ΧΡΟΝΙΑΣ
ΣΗΜΑΣΙΑ ΕΧΕΙ Ν' ΑΓΑΠΑΣ
ΡΟΜΥ ΣΝΑΪΝΤΕΡ
ΤΡΟΠΟΠΟΙΗΣΕΙΣ ΟΡΩΝ ΔΟΜΗΣΕΩΣ ΤΗΣ ΠΟΛΕΩΣ ΘΕΣ/ΝΙΚΗΣ

Τὸ δημοτικὸν συμβούλιον τοῦ δήμου Θεσσαλονίκης ἀνακοινώνει ὅτι εἰς τὰ γραφεῖα τῆς τεχνικῆς ὑπηρεσίας ἐκτίθενται πρὸς γνῶσιν οἱ πίνακες τροποποιήσεως τῶν ὅρων δομήσεως εἰς τὰ οἰκοδομικὰ τετράγωνα 149, 200, 201, 202, 221, 222, 12, 13, 14, 15, 18, 21, 26 καὶ 27. Ἐνστάσεις ὑποβάλλονται ἐντὸς 15 ἡμερῶν.

ΝΙΚ. ΑΓΓΕΛΙΔΗΣ
ΔΕΗ	ΔΙΑΚΟΠΗ ΗΛΕΚΤΡΙΚΟΥ ΡΕΥΜΑΤΟΣ
ΕΙΣ ΤΟΝ ΝΟΜΟΝ ΚΑΙ ΠΕΡΙΟΧΗΝ ΘΕΣΣΑΛΟΝΙΚΗΣ

Ἡ ΔΕΗ ἀνακοινώνει ὅτι τὴν Κυριακὴν 14ην Δεκεμβρίου θὰ διακοπῇ ἡ παροχὴ ἠλεκτρικοῦ ρεύματος διὰ τὴν ἐκτέλεσιν ἐργασιῶν εἰς τὸ δίκτυον: ΠΕΡΙΟΧΗ ΚΑΛΑΜΑΡΙΑΣ, 1) Ἀπὸ ὥρας 07.30—10.30 εἰς τὴν περιοχὴν ὁδοῦ Μεταμορφώσεως. 2) Ἀπὸ ὥρας 08.00—14.00 εἰς τὴν περιοχὴν Πυλαίας. 3) Ἀπὸ ὥρας 09.00—13.00 εἰς τὴν περιοχὴν Νεαπόλεως. Ἡ ἐπαναφορὰ θὰ γίνῃ χωρὶς προειδοποίησιν.

Ἐκ τῆς Δ.Ε.Η.
ΟΛΥΜΠΙΑΚΗ
Η ΠΡΩΤΗ
ΑΣΦΑΛΙΣΤΙΚΗ ΕΤΑΙΡΙΑ
ΜΕ ΕΔΡΑ ΤΗΝ ΘΕΣΣΑΛΟΝΙΚΗ
ΤΣΙΜΙΣΚΗ 21 ΤΗΛ 239.331-8
